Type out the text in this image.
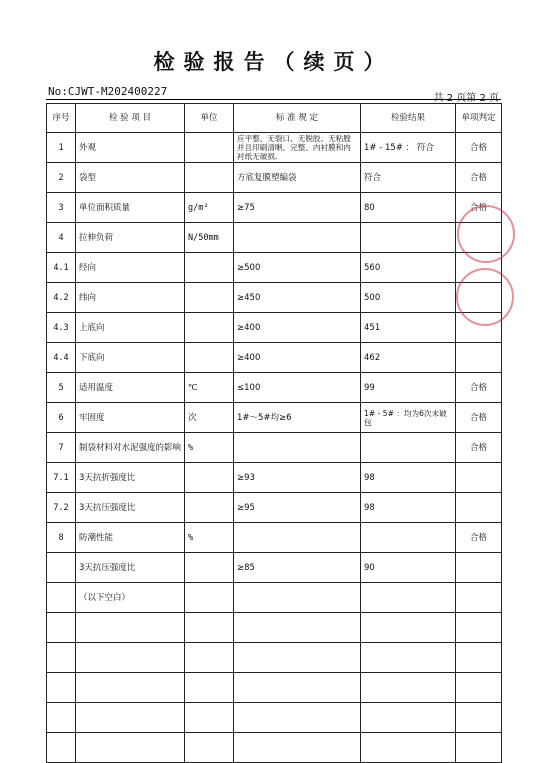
检验报告（续页）
No:CJWT-M202400227
共 2 页第 2 页
序号	检 验 项 目	单位	标 准 规 定	检验结果	单项判定
1	外观		应平整、无裂口、无脱胶、无粘膛并且印刷清晰、完整、内衬膜和内衬纸无破损.	1# - 15# ： 符合	合格
2	袋型		方底复膜塑编袋	符合	合格
3	单位面积质量	g/m²	≥75	80	合格
4	拉伸负荷	N/50mm			
4.1	经向		≥500	560	
4.2	纬向		≥450	500	
4.3	上底向		≥400	451	
4.4	下底向		≥400	462	
5	适用温度	℃	≤100	99	合格
6	牢固度	次	1#～5#均≥6	1# - 5# ：均为6次未破包	合格
7	制袋材料对水泥强度的影响	%			合格
7.1	3天抗折强度比		≥93	98	
7.2	3天抗压强度比		≥95	98	
8	防潮性能	%			合格
	3天抗压强度比		≥85	90	
	（以下空白）				
